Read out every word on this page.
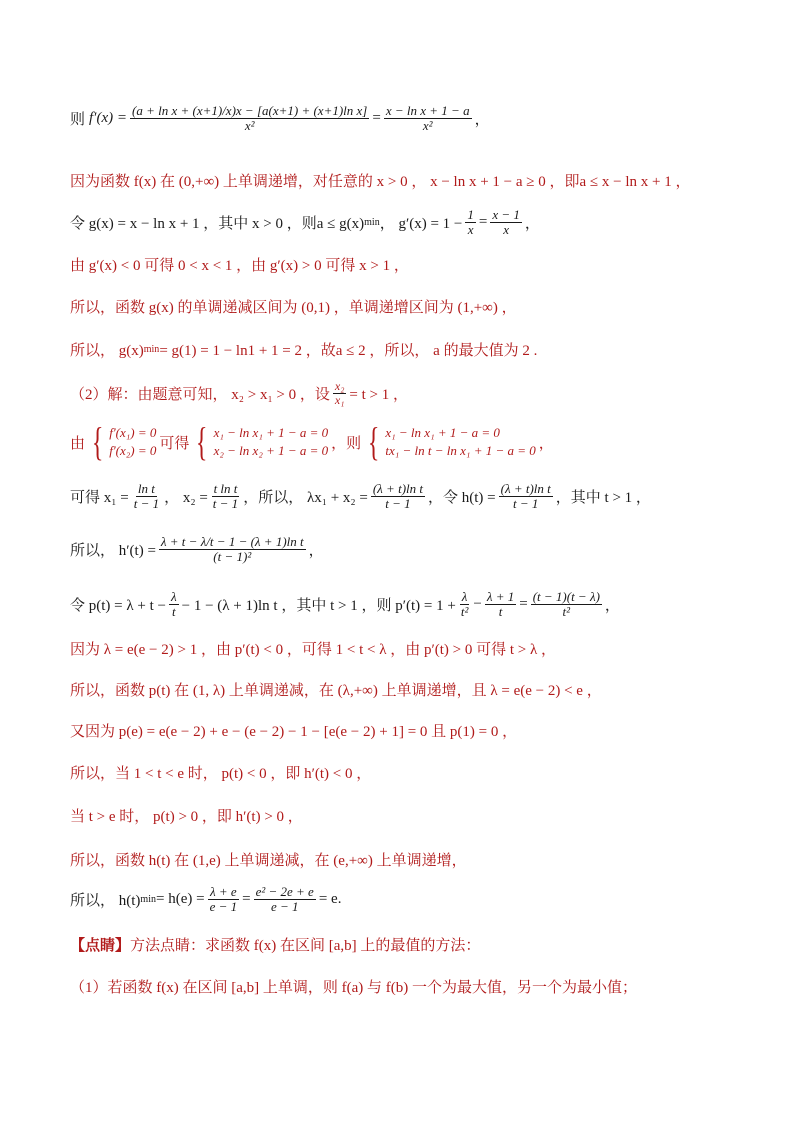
则 $f'(x) = \frac{\text{(a + ln x + (x+1)/x)x − [a(x+1) + (x+1)ln x]}}{\text{x²}} = \frac{\text{x − ln x + 1 − a}}{\text{x²}}$ ，
因为函数 f(x) 在 (0,+∞) 上单调递增，对任意的 x > 0 ， x − ln x + 1 − a ≥ 0 ，即a ≤ x − ln x + 1 ，
令 g(x) = x − ln x + 1 ，其中 x > 0 ，则a ≤ g(x) min ， $g'(x) = 1 - \frac{1}{x} = \frac{x - 1}{x}$ ，
由 g′(x) < 0 可得 0 < x < 1 ，由 g′(x) > 0 可得 x > 1 ，
所以，函数 g(x) 的单调递减区间为 (0,1) ，单调递增区间为 (1,+∞) ，
所以， g(x) min = g(1) = 1 − ln1 + 1 = 2 ，故a ≤ 2 ，所以， a 的最大值为 2 .
（2）解：由题意可知， x₂ > x₁ > 0 ，设 $\frac{\text{x₂}}{\text{x₁}} = t > 1$ ，
由 { f′(x₁) = 0
f′(x₂) = 0 可得 { x₁ − ln x₁ + 1 − a = 0
x₂ − ln x₂ + 1 − a = 0 ，则 { x₁ − ln x₁ + 1 − a = 0
tx₁ − ln t − ln x₁ + 1 − a = 0 ，
可得 $x_1 = \frac{\text{ln t}}{t - 1}$ ， $x_2 = \frac{\text{t ln t}}{t - 1}$ ，所以， $\lambda x_1 + x_2 = \frac{\text{(λ + t)ln t}}{t - 1}$ ，令 $h(t) = \frac{\text{(λ + t)ln t}}{t - 1}$ ，其中 t > 1 ，
所以， $h'(t) = \frac{\text{λ + t − λ/t − 1 − (λ + 1)ln t}}{\text{(t − 1)²}}$ ，
令 $p(t) = \lambda + t - \frac{\lambda}{t} - 1 - (\lambda + 1)\ln$ t ，其中 t > 1 ，则 $p'(t) = 1 + \frac{\lambda}{\text{t²}} - \frac{\lambda + 1}{t} = \frac{(t - 1)(t - \lambda)}{\text{t²}}$ ，
因为 λ = e(e − 2) > 1 ，由 p′(t) < 0 ，可得 1 < t < λ ，由 p′(t) > 0 可得 t > λ ，
所以，函数 p(t) 在 (1, λ) 上单调递减，在 (λ,+∞) 上单调递增，且 λ = e(e − 2) < e ，
又因为 p(e) = e(e − 2) + e − (e − 2) − 1 − [e(e − 2) + 1] = 0 且 p(1) = 0 ，
所以，当 1 < t < e 时， p(t) < 0 ，即 h′(t) < 0 ，
当 t > e 时， p(t) > 0 ，即 h′(t) > 0 ，
所以，函数 h(t) 在 (1,e) 上单调递减，在 (e,+∞) 上单调递增，
所以， h(t) $\min = h(e) = \frac{\lambda + e}{e - 1} = \frac{\text{e² − 2e + e}}{e - 1} = e$.
【点睛】 方法点睛：求函数 f(x) 在区间 [a,b] 上的最值的方法：
（1）若函数 f(x) 在区间 [a,b] 上单调，则 f(a) 与 f(b) 一个为最大值，另一个为最小值；
